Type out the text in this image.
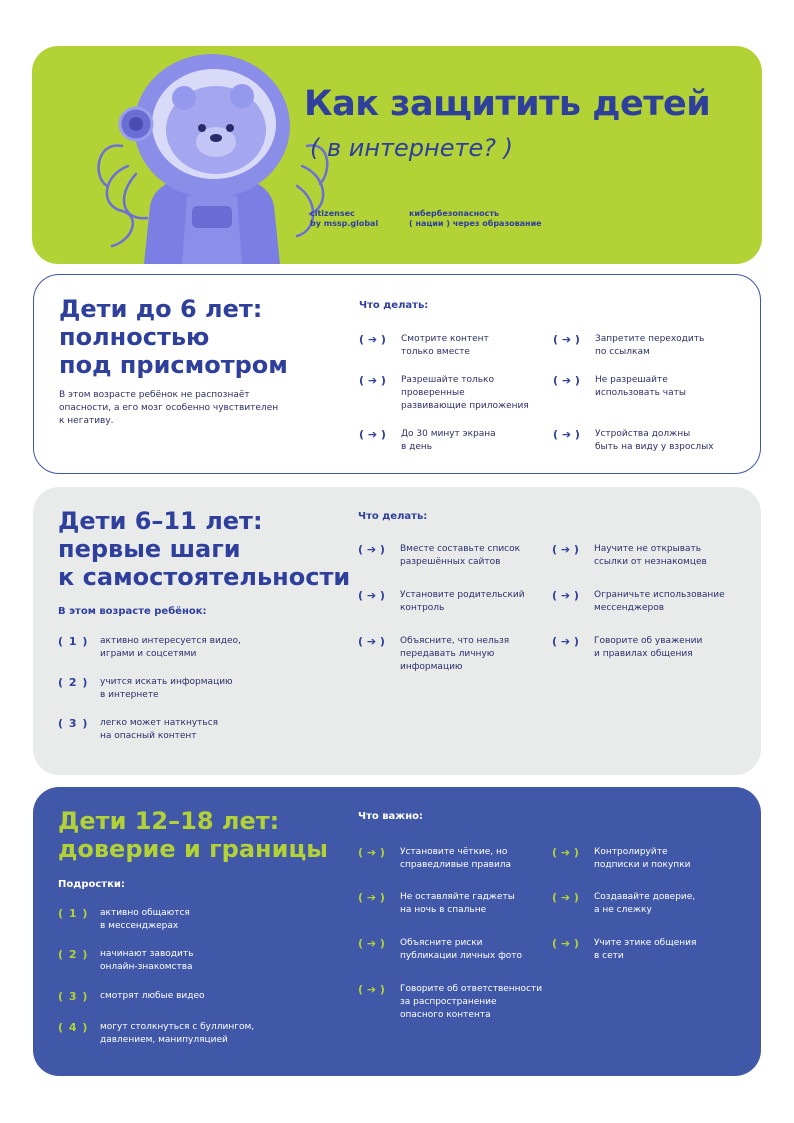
Как защитить детей
( в интернете? )
citizensec
by mssp.global
кибербезопасность
( нации ) через образование
Дети до 6 лет:
полностью
под присмотром
В этом возрасте ребёнок не распознаёт
опасности, а его мозг особенно чувствителен
к негативу.
Что делать:
( ➔ )	Смотрите контент
только вместе
( ➔ )	Запретите переходить
по ссылкам
( ➔ )	Разрешайте только
проверенные
развивающие приложения
( ➔ )	Не разрешайте
использовать чаты
( ➔ )	До 30 минут экрана
в день
( ➔ )	Устройства должны
быть на виду у взрослых
Дети 6–11 лет:
первые шаги
к самостоятельности
В этом возрасте ребёнок:
( 1 ) активно интересуется видео,
играми и соцсетями
( 2 ) учится искать информацию
в интернете
( 3 ) легко может наткнуться
на опасный контент
Что делать:
( ➔ )	Вместе составьте список
разрешённых сайтов
( ➔ )	Научите не открывать
ссылки от незнакомцев
( ➔ )	Установите родительский
контроль
( ➔ )	Ограничьте использование
мессенджеров
( ➔ )	Объясните, что нельзя
передавать личную
информацию
( ➔ )	Говорите об уважении
и правилах общения
Дети 12–18 лет:
доверие и границы
Подростки:
( 1 ) активно общаются
в мессенджерах
( 2 ) начинают заводить
онлайн-знакомства
( 3 ) смотрят любые видео
( 4 ) могут столкнуться с буллингом,
давлением, манипуляцией
Что важно:
( ➔ )	Установите чёткие, но
справедливые правила
( ➔ )	Контролируйте
подписки и покупки
( ➔ )	Не оставляйте гаджеты
на ночь в спальне
( ➔ )	Создавайте доверие,
а не слежку
( ➔ )	Объясните риски
публикации личных фото
( ➔ )	Учите этике общения
в сети
( ➔ )	Говорите об ответственности
за распространение
опасного контента
